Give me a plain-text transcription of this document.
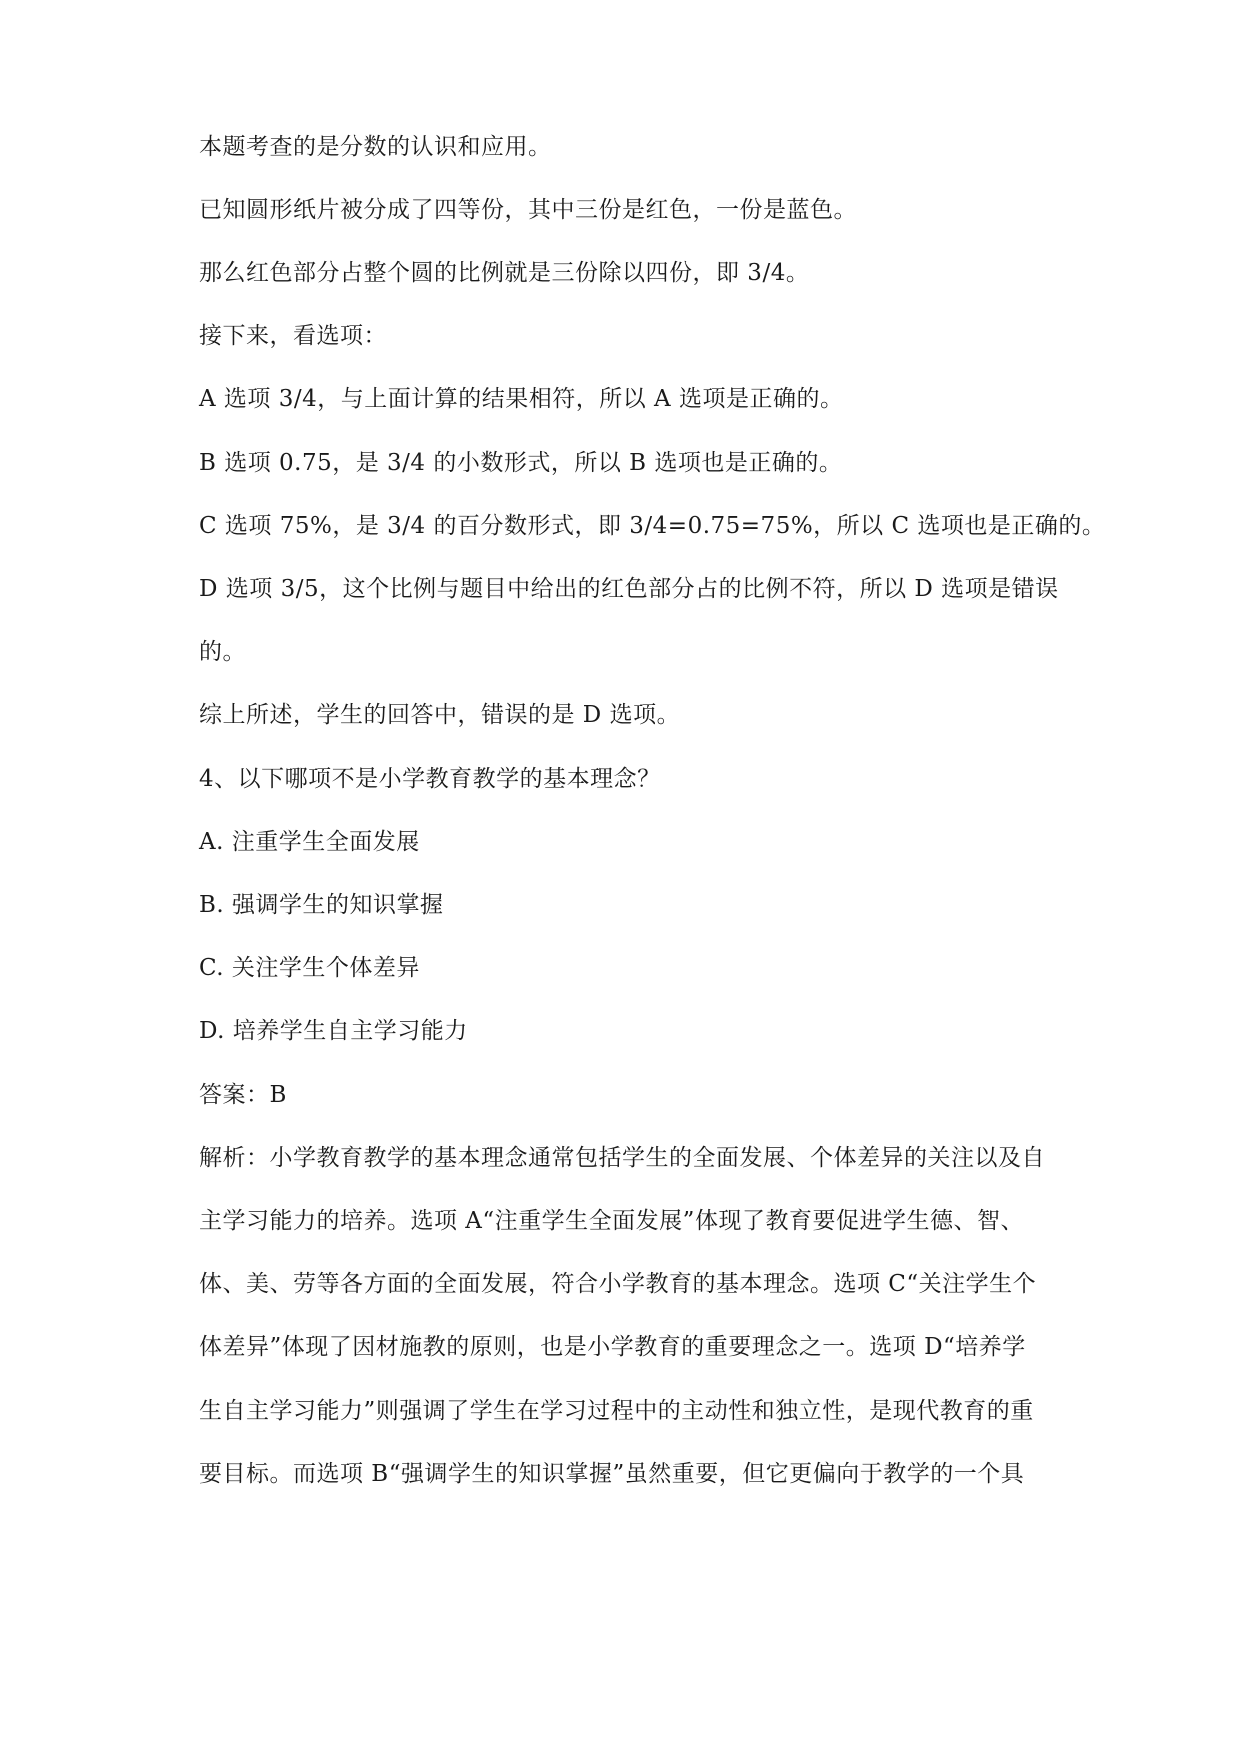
本题考查的是分数的认识和应用。
已知圆形纸片被分成了四等份，其中三份是红色，一份是蓝色。
那么红色部分占整个圆的比例就是三份除以四份，即 3/4。
接下来，看选项：
A 选项 3/4，与上面计算的结果相符，所以 A 选项是正确的。
B 选项 0.75，是 3/4 的小数形式，所以 B 选项也是正确的。
C 选项 75%，是 3/4 的百分数形式，即 3/4=0.75=75%，所以 C 选项也是正确的。
D 选项 3/5，这个比例与题目中给出的红色部分占的比例不符，所以 D 选项是错误
的。
综上所述，学生的回答中，错误的是 D 选项。
4、以下哪项不是小学教育教学的基本理念？
A. 注重学生全面发展
B. 强调学生的知识掌握
C. 关注学生个体差异
D. 培养学生自主学习能力
答案：B
解析：小学教育教学的基本理念通常包括学生的全面发展、个体差异的关注以及自
主学习能力的培养。选项 A“注重学生全面发展”体现了教育要促进学生德、智、
体、美、劳等各方面的全面发展，符合小学教育的基本理念。选项 C“关注学生个
体差异”体现了因材施教的原则，也是小学教育的重要理念之一。选项 D“培养学
生自主学习能力”则强调了学生在学习过程中的主动性和独立性，是现代教育的重
要目标。而选项 B“强调学生的知识掌握”虽然重要，但它更偏向于教学的一个具
